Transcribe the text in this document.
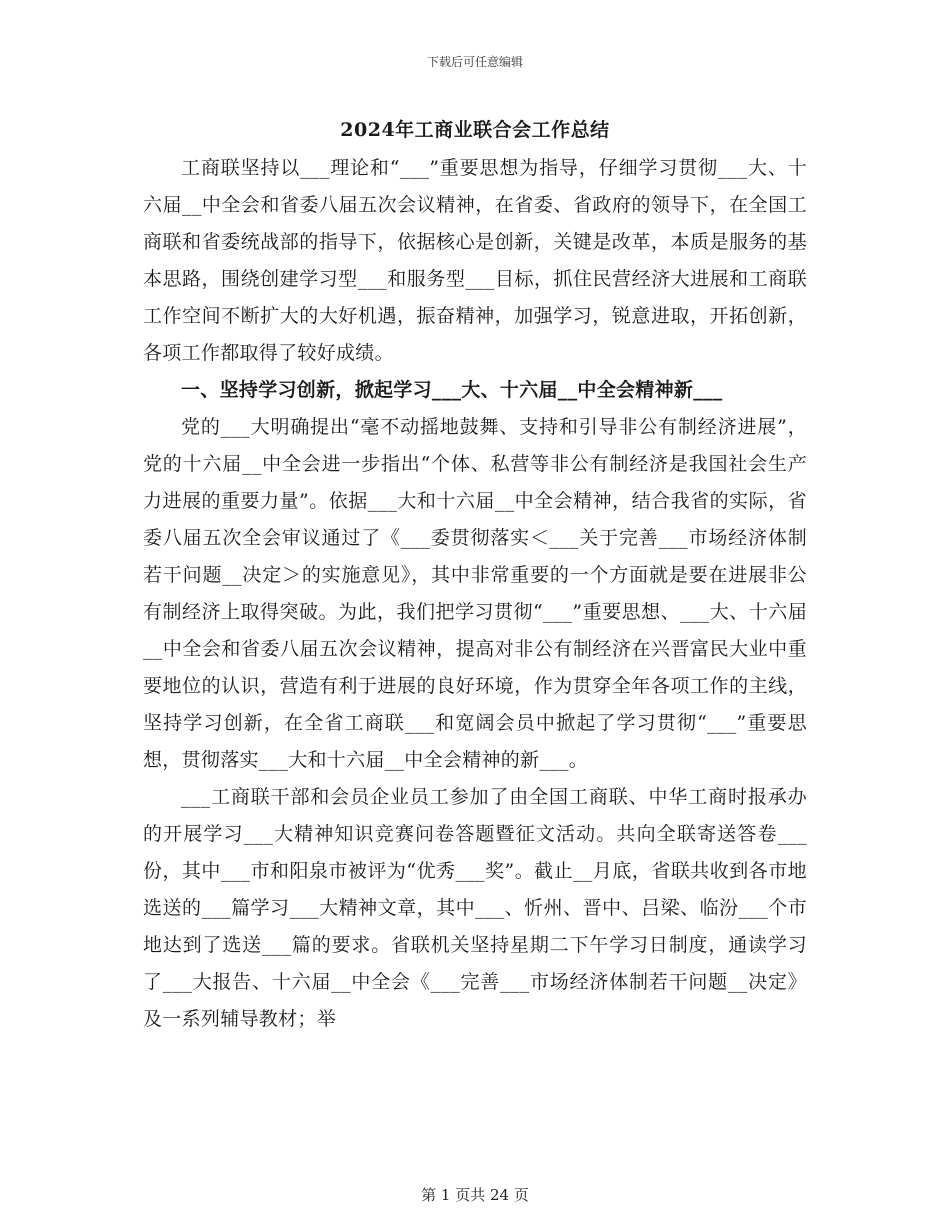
下载后可任意编辑
2024年工商业联合会工作总结

工商联坚持以___理论和“___”重要思想为指导，仔细学习贯彻___大、十六届__中全会和省委八届五次会议精神，在省委、省政府的领导下，在全国工商联和省委统战部的指导下，依据核心是创新，关键是改革，本质是服务的基本思路，围绕创建学习型___和服务型___目标，抓住民营经济大进展和工商联工作空间不断扩大的大好机遇，振奋精神，加强学习，锐意进取，开拓创新，各项工作都取得了较好成绩。

一、坚持学习创新，掀起学习___大、十六届__中全会精神新___

党的___大明确提出“毫不动摇地鼓舞、支持和引导非公有制经济进展”，党的十六届__中全会进一步指出“个体、私营等非公有制经济是我国社会生产力进展的重要力量”。依据___大和十六届__中全会精神，结合我省的实际，省委八届五次全会审议通过了《___委贯彻落实＜___关于完善___市场经济体制若干问题__决定＞的实施意见》，其中非常重要的一个方面就是要在进展非公有制经济上取得突破。为此，我们把学习贯彻“___”重要思想、___大、十六届__中全会和省委八届五次会议精神，提高对非公有制经济在兴晋富民大业中重要地位的认识，营造有利于进展的良好环境，作为贯穿全年各项工作的主线，坚持学习创新，在全省工商联___和宽阔会员中掀起了学习贯彻“___”重要思想，贯彻落实___大和十六届__中全会精神的新___。

___工商联干部和会员企业员工参加了由全国工商联、中华工商时报承办的开展学习___大精神知识竞赛问卷答题暨征文活动。共向全联寄送答卷___份，其中___市和阳泉市被评为“优秀___奖”。截止__月底，省联共收到各市地选送的___篇学习___大精神文章，其中___、忻州、晋中、吕梁、临汾___个市地达到了选送___篇的要求。省联机关坚持星期二下午学习日制度，通读学习了___大报告、十六届__中全会《___完善___市场经济体制若干问题__决定》及一系列辅导教材；举

第 1 页共 24 页
